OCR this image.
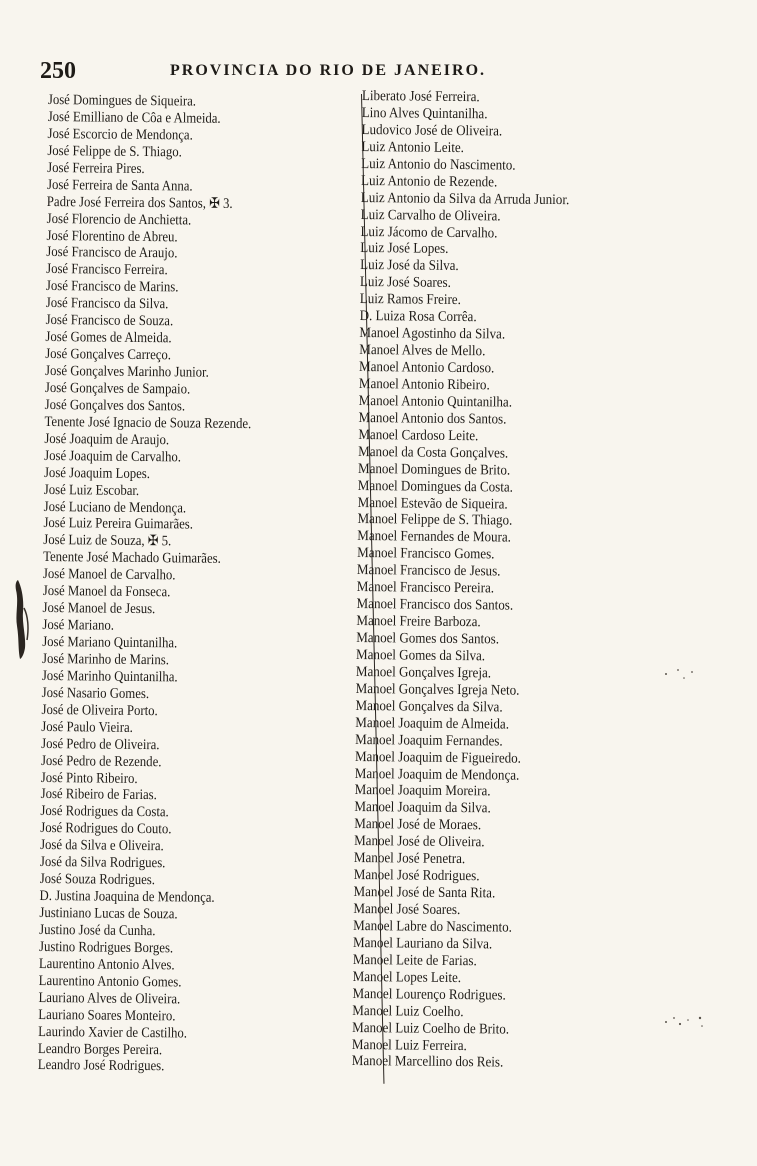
250	PROVINCIA DO RIO DE JANEIRO.
José Domingues de Siqueira.
José Emilliano de Côa e Almeida.
José Escorcio de Mendonça.
José Felippe de S. Thiago.
José Ferreira Pires.
José Ferreira de Santa Anna.
Padre José Ferreira dos Santos, ✠ 3.
José Florencio de Anchietta.
José Florentino de Abreu.
José Francisco de Araujo.
José Francisco Ferreira.
José Francisco de Marins.
José Francisco da Silva.
José Francisco de Souza.
José Gomes de Almeida.
José Gonçalves Carreço.
José Gonçalves Marinho Junior.
José Gonçalves de Sampaio.
José Gonçalves dos Santos.
Tenente José Ignacio de Souza Rezende.
José Joaquim de Araujo.
José Joaquim de Carvalho.
José Joaquim Lopes.
José Luiz Escobar.
José Luciano de Mendonça.
José Luiz Pereira Guimarães.
José Luiz de Souza, ✠ 5.
Tenente José Machado Guimarães.
José Manoel de Carvalho.
José Manoel da Fonseca.
José Manoel de Jesus.
José Mariano.
José Mariano Quintanilha.
José Marinho de Marins.
José Marinho Quintanilha.
José Nasario Gomes.
José de Oliveira Porto.
José Paulo Vieira.
José Pedro de Oliveira.
José Pedro de Rezende.
José Pinto Ribeiro.
José Ribeiro de Farias.
José Rodrigues da Costa.
José Rodrigues do Couto.
José da Silva e Oliveira.
José da Silva Rodrigues.
José Souza Rodrigues.
D. Justina Joaquina de Mendonça.
Justiniano Lucas de Souza.
Justino José da Cunha.
Justino Rodrigues Borges.
Laurentino Antonio Alves.
Laurentino Antonio Gomes.
Lauriano Alves de Oliveira.
Lauriano Soares Monteiro.
Laurindo Xavier de Castilho.
Leandro Borges Pereira.
Leandro José Rodrigues.
Liberato José Ferreira.
Lino Alves Quintanilha.
Ludovico José de Oliveira.
Luiz Antonio Leite.
Luiz Antonio do Nascimento.
Luiz Antonio de Rezende.
Luiz Antonio da Silva da Arruda Junior.
Luiz Carvalho de Oliveira.
Luiz Jácomo de Carvalho.
Luiz José Lopes.
Luiz José da Silva.
Luiz José Soares.
Luiz Ramos Freire.
D. Luiza Rosa Corrêa.
Manoel Agostinho da Silva.
Manoel Alves de Mello.
Manoel Antonio Cardoso.
Manoel Antonio Ribeiro.
Manoel Antonio Quintanilha.
Manoel Antonio dos Santos.
Manoel Cardoso Leite.
Manoel da Costa Gonçalves.
Manoel Domingues de Brito.
Manoel Domingues da Costa.
Manoel Estevão de Siqueira.
Manoel Felippe de S. Thiago.
Manoel Fernandes de Moura.
Manoel Francisco Gomes.
Manoel Francisco de Jesus.
Manoel Francisco Pereira.
Manoel Francisco dos Santos.
Manoel Freire Barboza.
Manoel Gomes dos Santos.
Manoel Gomes da Silva.
Manoel Gonçalves Igreja.
Manoel Gonçalves Igreja Neto.
Manoel Gonçalves da Silva.
Manoel Joaquim de Almeida.
Manoel Joaquim Fernandes.
Manoel Joaquim de Figueiredo.
Manoel Joaquim de Mendonça.
Manoel Joaquim Moreira.
Manoel Joaquim da Silva.
Manoel José de Moraes.
Manoel José de Oliveira.
Manoel José Penetra.
Manoel José Rodrigues.
Manoel José de Santa Rita.
Manoel José Soares.
Manoel Labre do Nascimento.
Manoel Lauriano da Silva.
Manoel Leite de Farias.
Manoel Lopes Leite.
Manoel Lourenço Rodrigues.
Manoel Luiz Coelho.
Manoel Luiz Coelho de Brito.
Manoel Luiz Ferreira.
Manoel Marcellino dos Reis.
